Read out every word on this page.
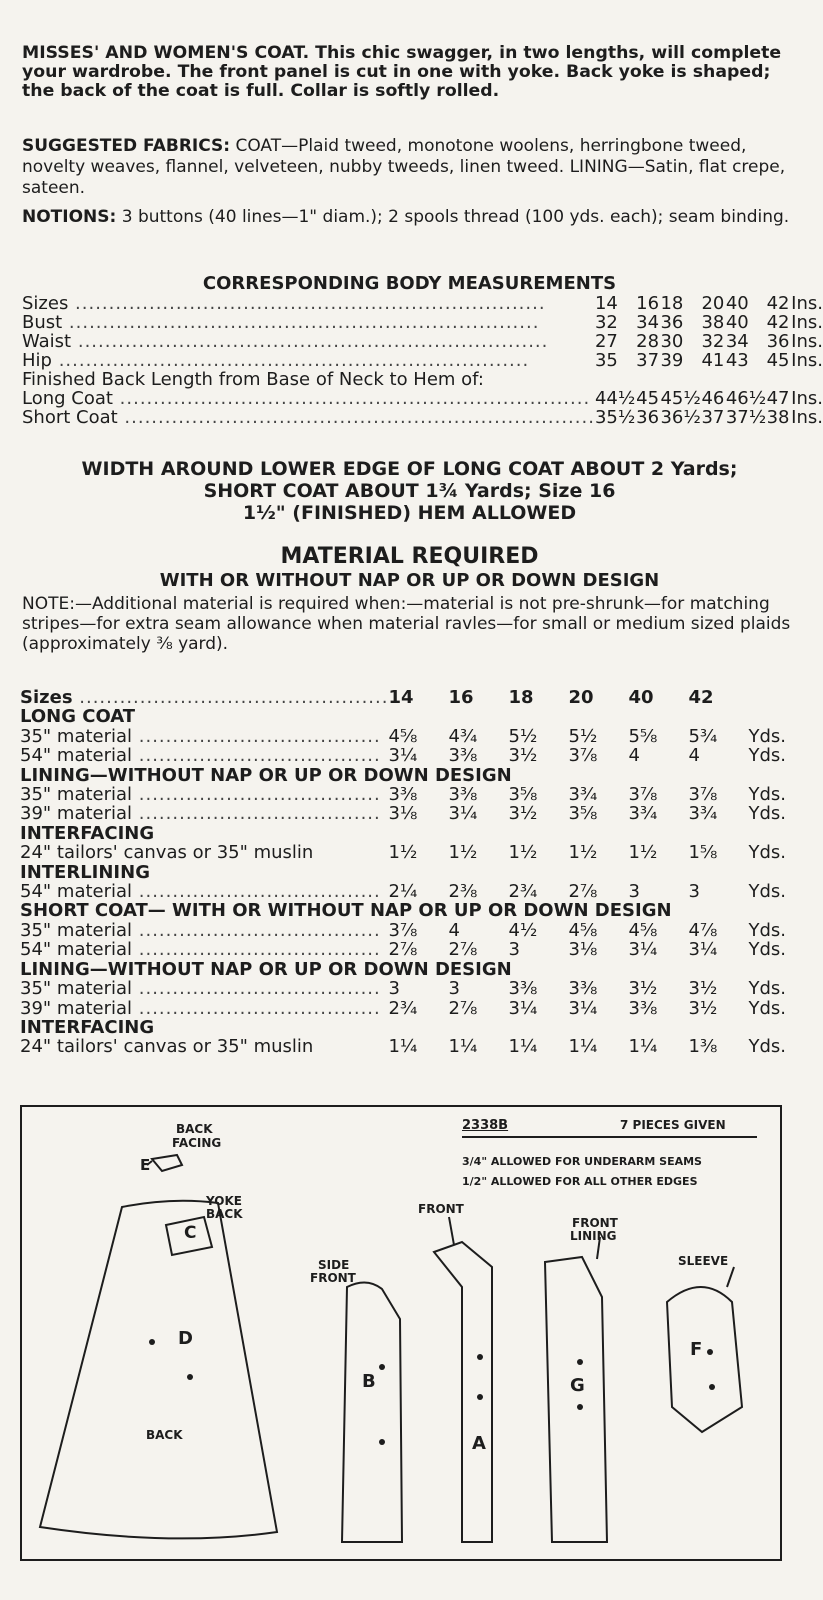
MISSES' AND WOMEN'S COAT. This chic swagger, in two lengths, will complete your wardrobe. The front panel is cut in one with yoke. Back yoke is shaped; the back of the coat is full. Collar is softly rolled.
SUGGESTED FABRICS: COAT—Plaid tweed, monotone woolens, herringbone tweed, novelty weaves, flannel, velveteen, nubby tweeds, linen tweed. LINING—Satin, flat crepe, sateen.
NOTIONS: 3 buttons (40 lines—1" diam.); 2 spools thread (100 yds. each); seam binding.
CORRESPONDING BODY MEASUREMENTS
Sizes ......................................................................	14	16	18	20	40	42	Ins.
Bust ......................................................................	32	34	36	38	40	42	Ins.
Waist ......................................................................	27	28	30	32	34	36	Ins.
Hip ......................................................................	35	37	39	41	43	45	Ins.
Finished Back Length from Base of Neck to Hem of:							
Long Coat ......................................................................	44½	45	45½	46	46½	47	Ins.
Short Coat ......................................................................	35½	36	36½	37	37½	38	Ins.
WIDTH AROUND LOWER EDGE OF LONG COAT ABOUT 2 Yards;
SHORT COAT ABOUT 1¾ Yards; Size 16
1½" (FINISHED) HEM ALLOWED
MATERIAL REQUIRED
WITH OR WITHOUT NAP OR UP OR DOWN DESIGN
NOTE:—Additional material is required when:—material is not pre-shrunk—for matching stripes—for extra seam allowance when material ravles—for small or medium sized plaids (approximately ⅜ yard).
Sizes ..............................................	14	16	18	20	40	42	
LONG COAT							
35" material ....................................	4⅝	4¾	5½	5½	5⅝	5¾	Yds.
54" material ....................................	3¼	3⅜	3½	3⅞	4	4	Yds.
LINING—WITHOUT NAP OR UP OR DOWN DESIGN							
35" material ....................................	3⅜	3⅜	3⅝	3¾	3⅞	3⅞	Yds.
39" material ....................................	3⅛	3¼	3½	3⅝	3¾	3¾	Yds.
INTERFACING							
24" tailors' canvas or 35" muslin	1½	1½	1½	1½	1½	1⅝	Yds.
INTERLINING							
54" material ....................................	2¼	2⅜	2¾	2⅞	3	3	Yds.
SHORT COAT— WITH OR WITHOUT NAP OR UP OR DOWN DESIGN							
35" material ....................................	3⅞	4	4½	4⅝	4⅝	4⅞	Yds.
54" material ....................................	2⅞	2⅞	3	3⅛	3¼	3¼	Yds.
LINING—WITHOUT NAP OR UP OR DOWN DESIGN							
35" material ....................................	3	3	3⅜	3⅜	3½	3½	Yds.
39" material ....................................	2¾	2⅞	3¼	3¼	3⅜	3½	Yds.
INTERFACING							
24" tailors' canvas or 35" muslin	1¼	1¼	1¼	1¼	1¼	1⅜	Yds.
2338B	7 PIECES GIVEN
3/4" ALLOWED FOR UNDERARM SEAMS
1/2" ALLOWED FOR ALL OTHER EDGES
BACK
FACING
E
YOKE
BACK
C
D
BACK
SIDE
FRONT
B
FRONT
A
FRONT
LINING
G
SLEEVE
F
